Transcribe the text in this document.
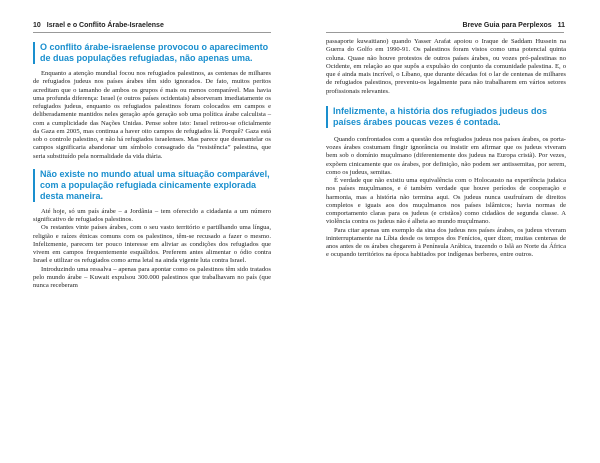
10 Israel e o Conflito Árabe-Israelense
O conflito árabe-israelense provocou o aparecimento de duas populações refugiadas, não apenas uma.

Enquanto a atenção mundial focou nos refugiados palestinos, as centenas de milhares de refugiados judeus nos países árabes têm sido ignorados. De fato, muitos peritos acreditam que o tamanho de ambos os grupos é mais ou menos comparável. Mas havia uma profunda diferença: Israel (e outros países ocidentais) absorveram imediatamente os refugiados judeus, enquanto os refugiados palestinos foram colocados em campos e deliberadamente mantidos neles geração após geração sob uma política árabe calculista – com a cumplicidade das Nações Unidas. Pense sobre isto: Israel retirou-se oficialmente da Gaza em 2005, mas continua a haver oito campos de refugiados lá. Porquê? Gaza está sob o controle palestino, e não há refugiados israelenses. Mas parece que desmantelar os campos significaria abandonar um símbolo consagrado da “resistência” palestina, que seria substituído pela normalidade da vida diária.

Não existe no mundo atual uma situação comparável, com a população refugiada cinicamente explorada desta maneira.

Até hoje, só um país árabe – a Jordânia – tem oferecido a cidadania a um número significativo de refugiados palestinos.

Os restantes vinte países árabes, com o seu vasto território e partilhando uma língua, religião e raízes étnicas comuns com os palestinos, têm-se recusado a fazer o mesmo. Infelizmente, parecem ter pouco interesse em aliviar as condições dos refugiados que vivem em campos frequentemente esquálidos. Preferem antes alimentar o ódio contra Israel e utilizar os refugiados como arma letal na ainda vigente luta contra Israel.

Introduzindo uma ressalva – apenas para apontar como os palestinos têm sido tratados pelo mundo árabe – Kuwait expulsou 300.000 palestinos que trabalhavam no país (que nunca receberam

Breve Guia para Perplexos 11

passaporte kuwaitiano) quando Yasser Arafat apoiou o Iraque de Saddam Hussein na Guerra do Golfo em 1990-91. Os palestinos foram vistos como uma potencial quinta coluna. Quase não houve protestos de outros países árabes, ou vozes pró-palestinas no Ocidente, em relação ao que supôs a expulsão do conjunto da comunidade palestina. E, o que é ainda mais incrível, o Líbano, que durante décadas foi o lar de centenas de milhares de refugiados palestinos, preveniu-os legalmente para não trabalharem em vários setores profissionais relevantes.

Infelizmente, a história dos refugiados judeus dos países árabes poucas vezes é contada.

Quando confrontados com a questão dos refugiados judeus nos países árabes, os porta-vozes árabes costumam fingir ignorância ou insistir em afirmar que os judeus viveram bem sob o domínio muçulmano (diferentemente dos judeus na Europa cristã). Por vezes, expõem cinicamente que os árabes, por definição, não podem ser antissemitas, por serem, como os judeus, semitas.

É verdade que não existiu uma equivalência com o Holocausto na experiência judaica nos países muçulmanos, e é também verdade que houve períodos de cooperação e harmonia, mas a história não termina aqui. Os judeus nunca usufruíram de direitos completos e iguais aos dos muçulmanos nos países islâmicos; havia normas de comportamento claras para os judeus (e cristãos) como cidadãos de segunda classe. A violência contra os judeus não é alheia ao mundo muçulmano.

Para citar apenas um exemplo da sina dos judeus nos países árabes, os judeus viveram ininterruptamente na Líbia desde os tempos dos Fenícios, quer dizer, muitas centenas de anos antes de os árabes chegarem à Península Arábica, trazendo o Islã ao Norte da África e ocupando territórios na época habitados por indígenas berberes, entre outros.
